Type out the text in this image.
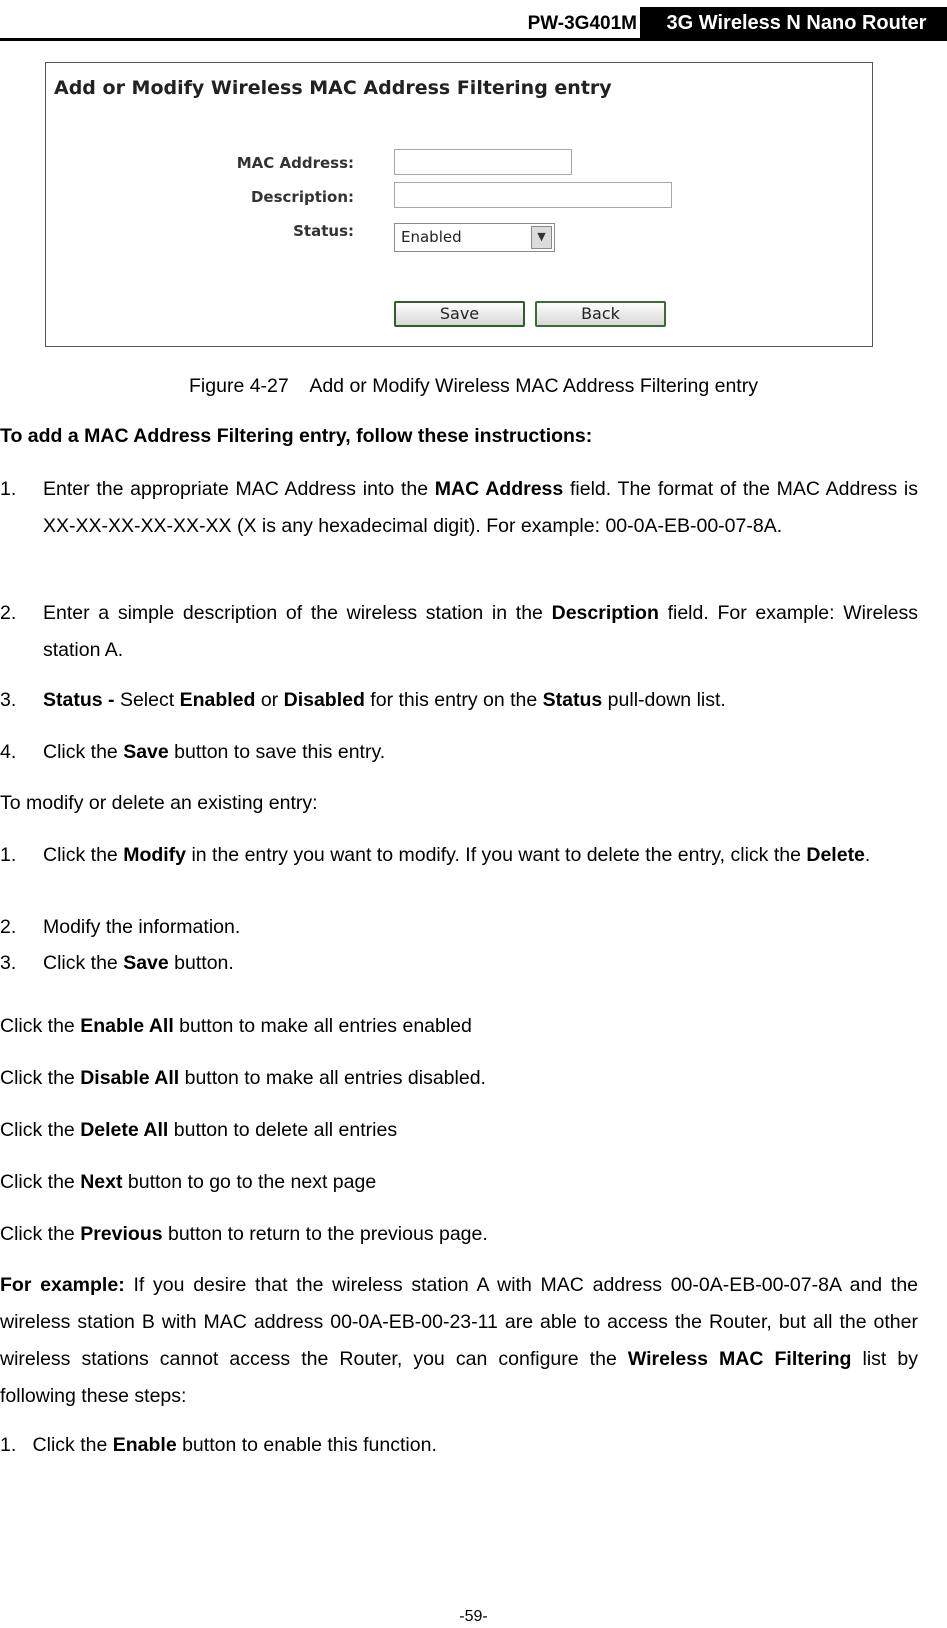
PW-3G401M	3G Wireless N Nano Router
Add or Modify Wireless MAC Address Filtering entry
MAC Address:
Description:
Status:	Enabled	▼
Save	Back
Figure 4-27    Add or Modify Wireless MAC Address Filtering entry
To add a MAC Address Filtering entry, follow these instructions:
1. Enter the appropriate MAC Address into the MAC Address field. The format of the MAC Address is XX-XX-XX-XX-XX-XX (X is any hexadecimal digit). For example: 00-0A-EB-00-07-8A.
2. Enter a simple description of the wireless station in the Description field. For example: Wireless station A.
3. Status - Select Enabled or Disabled for this entry on the Status pull-down list.
4. Click the Save button to save this entry.
To modify or delete an existing entry:
1. Click the Modify in the entry you want to modify. If you want to delete the entry, click the Delete.
2. Modify the information.
3. Click the Save button.
Click the Enable All button to make all entries enabled
Click the Disable All button to make all entries disabled.
Click the Delete All button to delete all entries
Click the Next button to go to the next page
Click the Previous button to return to the previous page.
For example: If you desire that the wireless station A with MAC address 00-0A-EB-00-07-8A and the wireless station B with MAC address 00-0A-EB-00-23-11 are able to access the Router, but all the other wireless stations cannot access the Router, you can configure the Wireless MAC Filtering list by following these steps:
1. Click the Enable button to enable this function.
-59-
